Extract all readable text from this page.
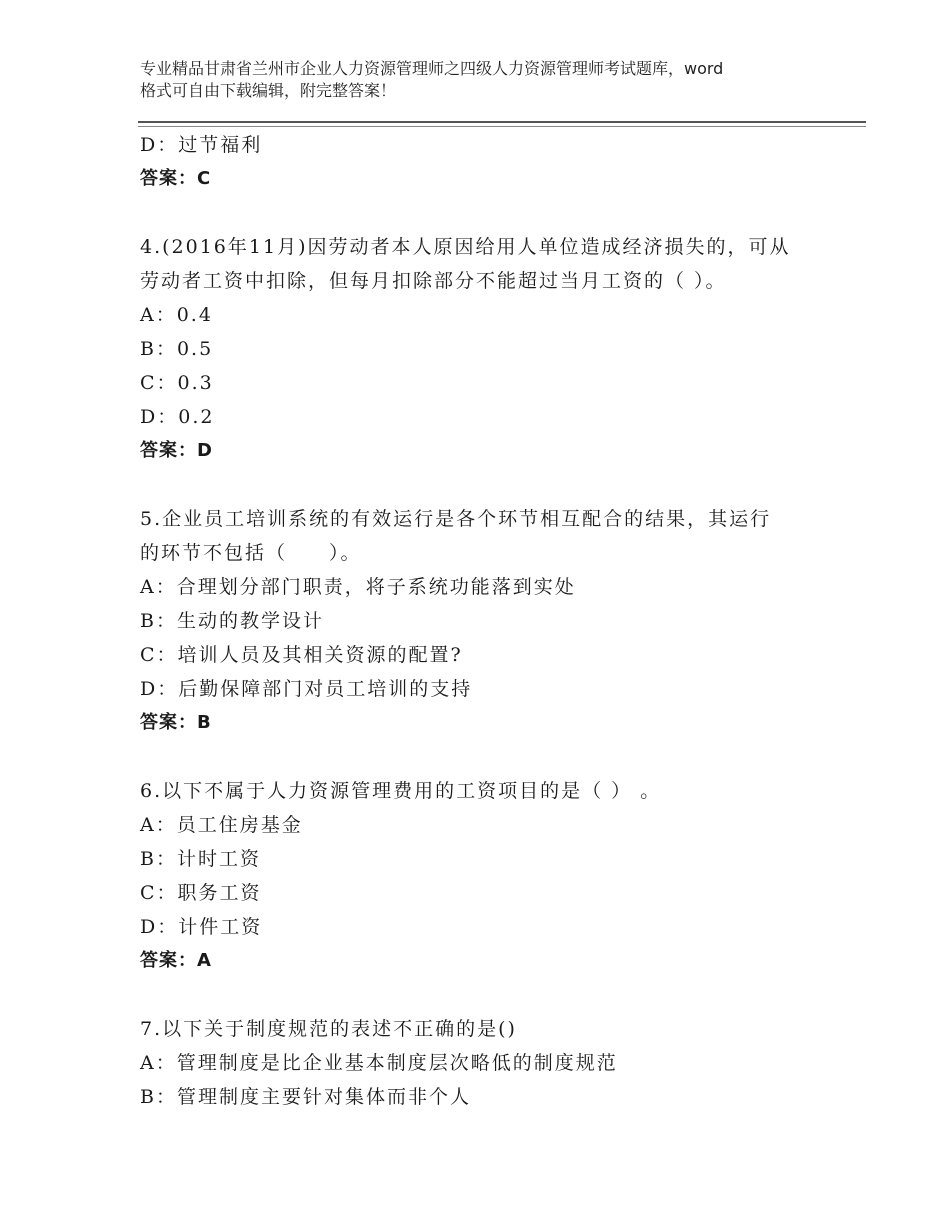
专业精品甘肃省兰州市企业人力资源管理师之四级人力资源管理师考试题库，word
格式可自由下载编辑，附完整答案！
D：过节福利
答案：C
4.(2016年11月)因劳动者本人原因给用人单位造成经济损失的，可从
劳动者工资中扣除，但每月扣除部分不能超过当月工资的（ ）。
A：0.4
B：0.5
C：0.3
D：0.2
答案：D
5.企业员工培训系统的有效运行是各个环节相互配合的结果，其运行
的环节不包括（　　）。
A：合理划分部门职责，将子系统功能落到实处
B：生动的教学设计
C：培训人员及其相关资源的配置?
D：后勤保障部门对员工培训的支持
答案：B
6.以下不属于人力资源管理费用的工资项目的是（ ） 。
A：员工住房基金
B：计时工资
C：职务工资
D：计件工资
答案：A
7.以下关于制度规范的表述不正确的是()
A：管理制度是比企业基本制度层次略低的制度规范
B：管理制度主要针对集体而非个人
